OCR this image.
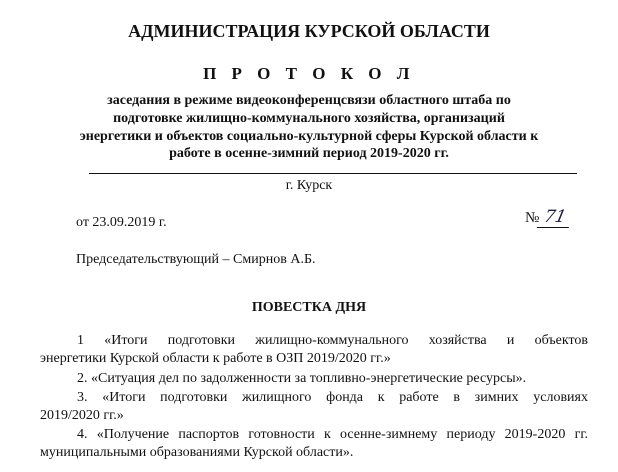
АДМИНИСТРАЦИЯ КУРСКОЙ ОБЛАСТИ
П Р О Т О К О Л
заседания в режиме видеоконференцсвязи областного штаба по
подготовке жилищно-коммунального хозяйства, организаций
энергетики и объектов социально-культурной сферы Курской области к
работе в осенне-зимний период 2019-2020 гг.
г. Курск
от 23.09.2019 г.	№ 71
Председательствующий – Смирнов А.Б.
ПОВЕСТКА ДНЯ
1 «Итоги подготовки жилищно-коммунального хозяйства и объектов
энергетики Курской области к работе в ОЗП 2019/2020 гг.»
2. «Ситуация дел по задолженности за топливно-энергетические ресурсы».
3. «Итоги подготовки жилищного фонда к работе в зимних условиях
2019/2020 гг.»
4. «Получение паспортов готовности к осенне-зимнему периоду 2019-2020 гг.
муниципальными образованиями Курской области».
